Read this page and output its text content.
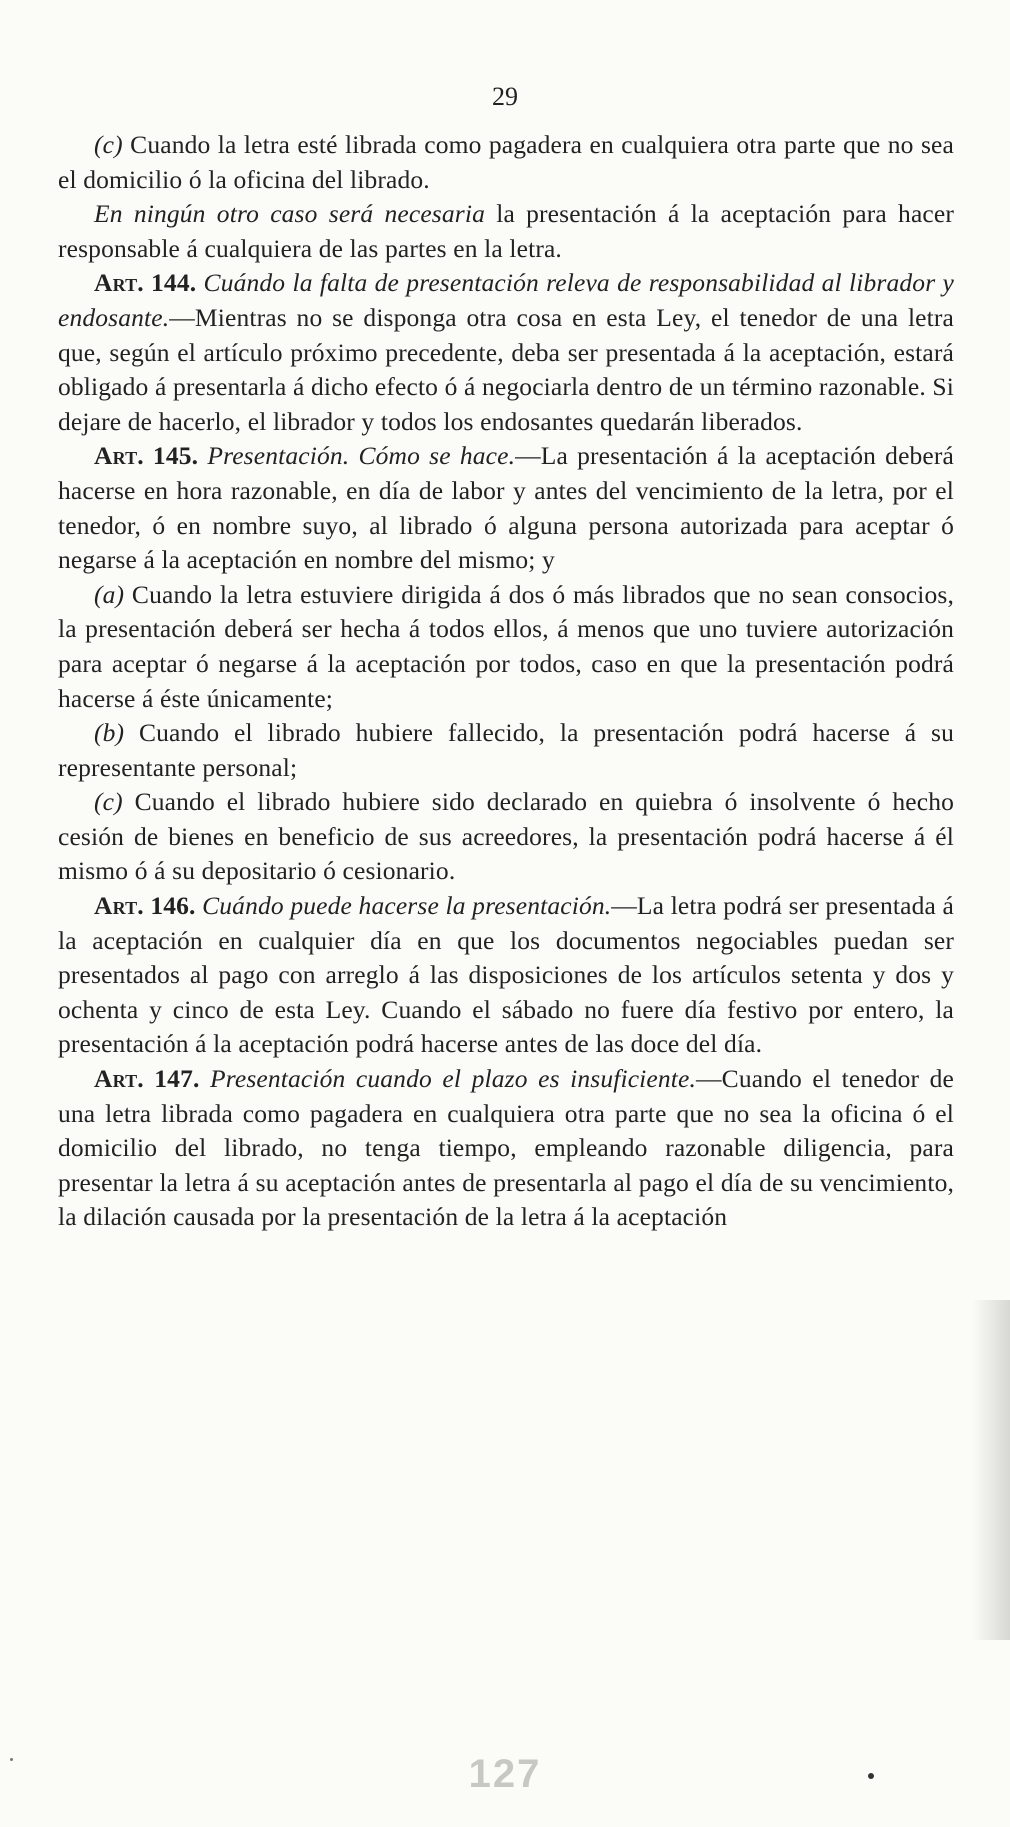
29

(c) Cuando la letra esté librada como pagadera en cualquiera otra parte que no sea el domicilio ó la oficina del librado.

En ningún otro caso será necesaria la presentación á la aceptación para hacer responsable á cualquiera de las partes en la letra.

Art. 144. Cuándo la falta de presentación releva de responsabilidad al librador y endosante.—Mientras no se disponga otra cosa en esta Ley, el tenedor de una letra que, según el artículo próximo precedente, deba ser presentada á la aceptación, estará obligado á presentarla á dicho efecto ó á negociarla dentro de un término razonable. Si dejare de hacerlo, el librador y todos los endosantes quedarán liberados.

Art. 145. Presentación. Cómo se hace.—La presentación á la aceptación deberá hacerse en hora razonable, en día de labor y antes del vencimiento de la letra, por el tenedor, ó en nombre suyo, al librado ó alguna persona autorizada para aceptar ó negarse á la aceptación en nombre del mismo; y

(a) Cuando la letra estuviere dirigida á dos ó más librados que no sean consocios, la presentación deberá ser hecha á todos ellos, á menos que uno tuviere autorización para aceptar ó negarse á la aceptación por todos, caso en que la presentación podrá hacerse á éste únicamente;

(b) Cuando el librado hubiere fallecido, la presentación podrá hacerse á su representante personal;

(c) Cuando el librado hubiere sido declarado en quiebra ó insolvente ó hecho cesión de bienes en beneficio de sus acreedores, la presentación podrá hacerse á él mismo ó á su depositario ó cesionario.

Art. 146. Cuándo puede hacerse la presentación.—La letra podrá ser presentada á la aceptación en cualquier día en que los documentos negociables puedan ser presentados al pago con arreglo á las disposiciones de los artículos setenta y dos y ochenta y cinco de esta Ley. Cuando el sábado no fuere día festivo por entero, la presentación á la aceptación podrá hacerse antes de las doce del día.

Art. 147. Presentación cuando el plazo es insuficiente.—Cuando el tenedor de una letra librada como pagadera en cualquiera otra parte que no sea la oficina ó el domicilio del librado, no tenga tiempo, empleando razonable diligencia, para presentar la letra á su aceptación antes de presentarla al pago el día de su vencimiento, la dilación causada por la presentación de la letra á la aceptación

127
